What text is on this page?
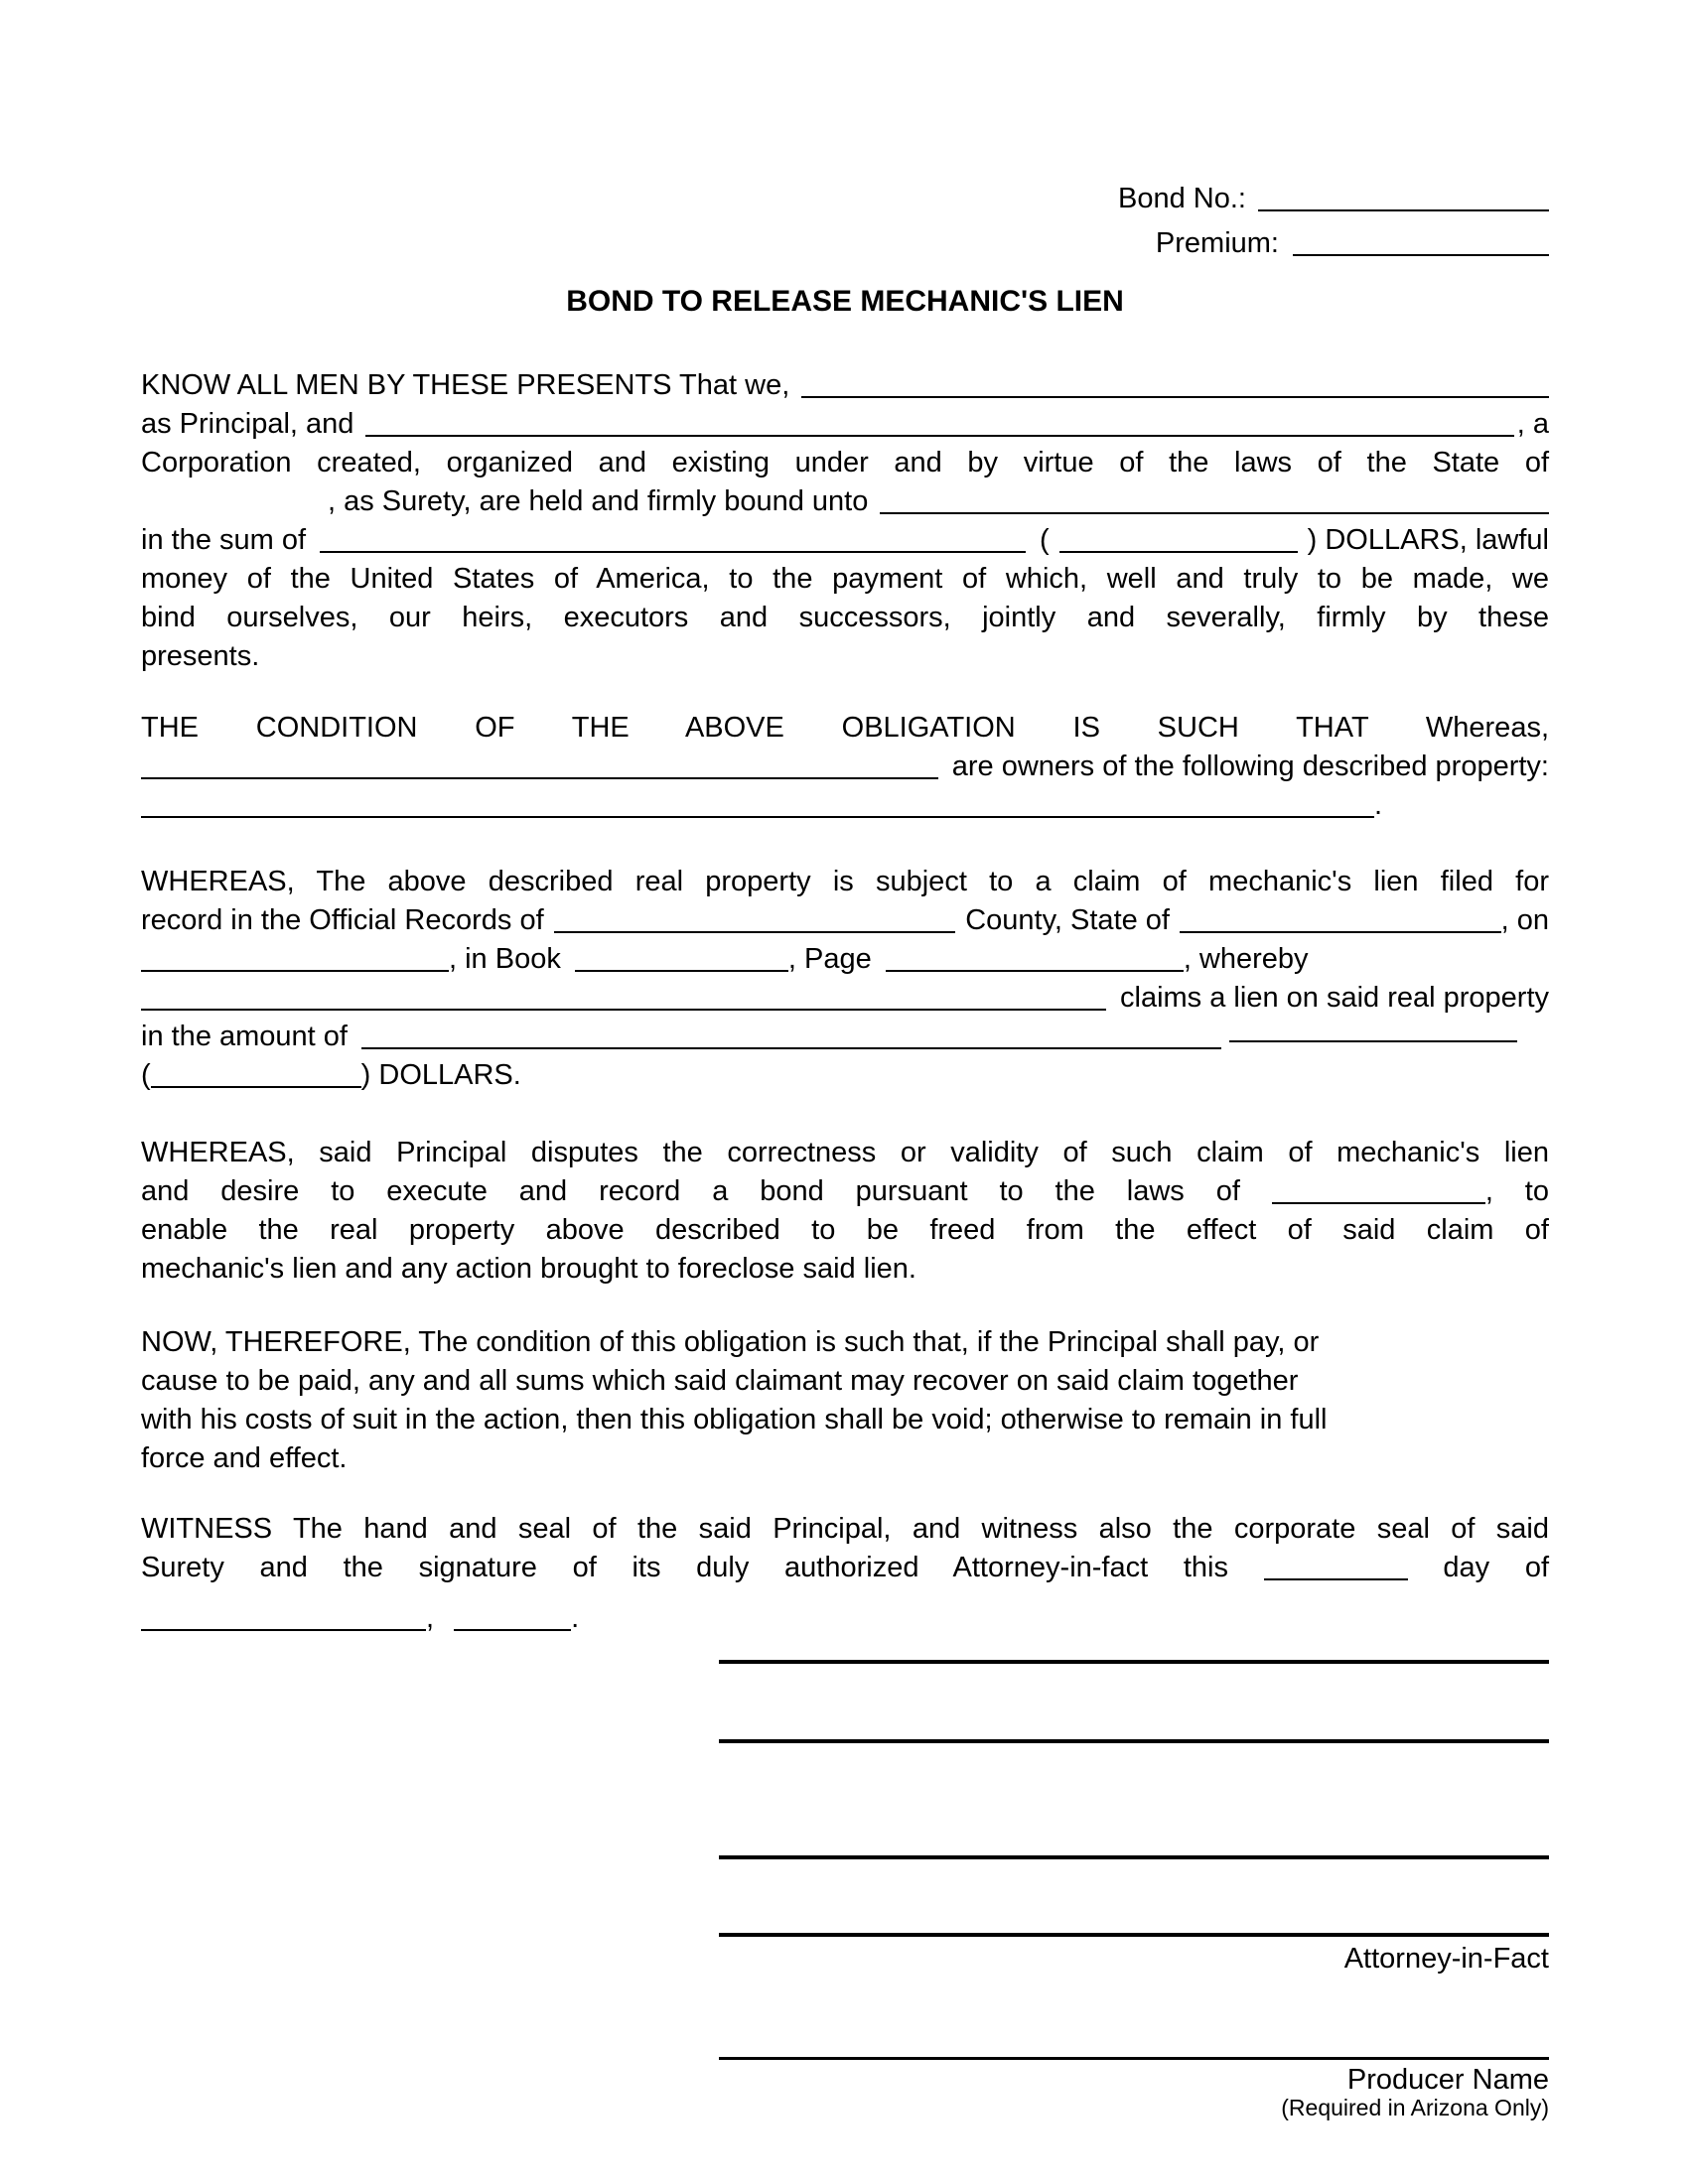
Bond No.:
Premium:
BOND TO RELEASE MECHANIC'S LIEN
KNOW ALL MEN BY THESE PRESENTS That we,
as Principal, and	, a
Corporation created, organized and existing under and by virtue of the laws of the State of
, as Surety, are held and firmly bound unto
in the sum of	(	) DOLLARS, lawful
money of the United States of America, to the payment of which, well and truly to be made, we
bind ourselves, our heirs, executors and successors, jointly and severally, firmly by these
presents.
THE CONDITION OF THE ABOVE OBLIGATION IS SUCH THAT Whereas,
are owners of the following described property:
.
WHEREAS, The above described real property is subject to a claim of mechanic's lien filed for
record in the Official Records of	County, State of	, on
, in Book	, Page	, whereby
claims a lien on said real property
in the amount of
(	) DOLLARS.
WHEREAS, said Principal disputes the correctness or validity of such claim of mechanic's lien
and desire to execute and record a bond pursuant to the laws of	, to
enable the real property above described to be freed from the effect of said claim of
mechanic's lien and any action brought to foreclose said lien.
NOW, THEREFORE, The condition of this obligation is such that, if the Principal shall pay, or
cause to be paid, any and all sums which said claimant may recover on said claim together
with his costs of suit in the action, then this obligation shall be void; otherwise to remain in full
force and effect.
WITNESS The hand and seal of the said Principal, and witness also the corporate seal of said
Surety and the signature of its duly authorized Attorney-in-fact this	day of
,	.
Attorney-in-Fact
Producer Name
(Required in Arizona Only)
